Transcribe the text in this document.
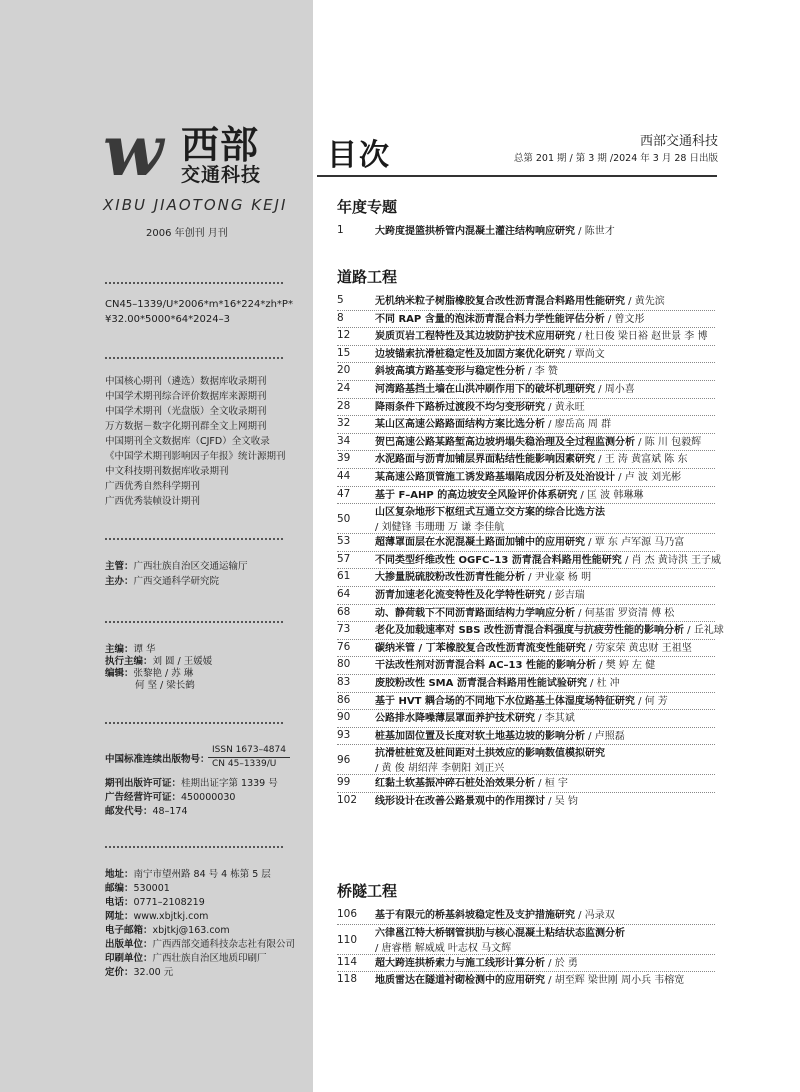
w 西部
交通科技
XIBU JIAOTONG KEJI
2006 年创刊 月刊
CN45–1339/U*2006*m*16*224*zh*P*
¥32.00*5000*64*2024–3
中国核心期刊（遴选）数据库收录期刊
中国学术期刊综合评价数据库来源期刊
中国学术期刊（光盘版）全文收录期刊
万方数据－数字化期刊群全文上网期刊
中国期刊全文数据库（CJFD）全文收录
《中国学术期刊影响因子年报》统计源期刊
中文科技期刊数据库收录期刊
广西优秀自然科学期刊
广西优秀装帧设计期刊
主管：广西壮族自治区交通运输厅
主办：广西交通科学研究院
主编：谭 华
执行主编：刘 圆 / 王媛媛
编辑：张黎艳 / 苏 琳
何 坚 / 梁长鹤
中国标准连续出版物号：
ISSN 1673–4874
CN 45–1339/U
期刊出版许可证：桂期出证字第 1339 号
广告经营许可证：450000030
邮发代号：48–174
地址：南宁市望州路 84 号 4 栋第 5 层
邮编：530001
电话：0771–2108219
网址：www.xbjtkj.com
电子邮箱：xbjtkj@163.com
出版单位：广西西部交通科技杂志社有限公司
印刷单位：广西壮族自治区地质印刷厂
定价：32.00 元
目次	西部交通科技
总第 201 期 / 第 3 期 /2024 年 3 月 28 日出版
年度专题
1	大跨度提篮拱桥管内混凝土灌注结构响应研究 / 陈世才
道路工程
5	无机纳米粒子树脂橡胶复合改性沥青混合料路用性能研究 / 黄先滨
8	不同 RAP 含量的泡沫沥青混合料力学性能评估分析 / 曾文彤
12 炭质页岩工程特性及其边坡防护技术应用研究 / 杜日俊 梁日裕 赵世景 李 博
15 边坡锚索抗滑桩稳定性及加固方案优化研究 / 覃尚文
20 斜坡高填方路基变形与稳定性分析 / 李 赞
24 河湾路基挡土墙在山洪冲刷作用下的破坏机理研究 / 周小喜
28 降雨条件下路桥过渡段不均匀变形研究 / 黄永旺
32 某山区高速公路路面结构方案比选分析 / 廖岳高 周 群
34 贺巴高速公路某路堑高边坡坍塌失稳治理及全过程监测分析 / 陈 川 包毅辉
39 水泥路面与沥青加铺层界面粘结性能影响因素研究 / 王 涛 黄富斌 陈 东
44 某高速公路顶管施工诱发路基塌陷成因分析及处治设计 / 卢 波 刘光彬
47 基于 F–AHP 的高边坡安全风险评价体系研究 / 匡 波 韩琳琳
50
山区复杂地形下枢纽式互通立交方案的综合比选方法
/ 刘健锋 韦珊珊 万 谦 李佳航
53 超薄罩面层在水泥混凝土路面加铺中的应用研究 / 覃 东 卢军源 马乃富
57 不同类型纤维改性 OGFC–13 沥青混合料路用性能研究 / 肖 杰 黄诗洪 王子威
61 大掺量脱硫胶粉改性沥青性能分析 / 尹业豪 杨 明
64 沥青加速老化流变特性及化学特性研究 / 彭吉瑞
68 动、静荷载下不同沥青路面结构力学响应分析 / 何基雷 罗资清 傅 松
73 老化及加载速率对 SBS 改性沥青混合料强度与抗疲劳性能的影响分析 / 丘礼球
76 碳纳米管 / 丁苯橡胶复合改性沥青流变性能研究 / 劳家荣 黄忠财 王祖坚
80 干法改性剂对沥青混合料 AC–13 性能的影响分析 / 樊 婷 左 健
83 废胶粉改性 SMA 沥青混合料路用性能试验研究 / 杜 冲
86 基于 HVT 耦合场的不同地下水位路基土体湿度场特征研究 / 何 芳
90 公路排水降噪薄层罩面养护技术研究 / 李其斌
93 桩基加固位置及长度对软土地基边坡的影响分析 / 卢照磊
96
抗滑桩桩宽及桩间距对土拱效应的影响数值模拟研究
/ 黄 俊 胡绍萍 李朝阳 刘正兴
99 红黏土软基振冲碎石桩处治效果分析 / 桓 宇
102 线形设计在改善公路景观中的作用探讨 / 吴 钧
桥隧工程
106 基于有限元的桥基斜坡稳定性及支护措施研究 / 冯录双
110
六律邕江特大桥钢管拱肋与核心混凝土粘结状态监测分析
/ 唐睿楷 解威威 叶志权 马文辉
114 超大跨连拱桥索力与施工线形计算分析 / 於 勇
118 地质雷达在隧道衬砌检测中的应用研究 / 胡至辉 梁世刚 周小兵 韦榕宽
